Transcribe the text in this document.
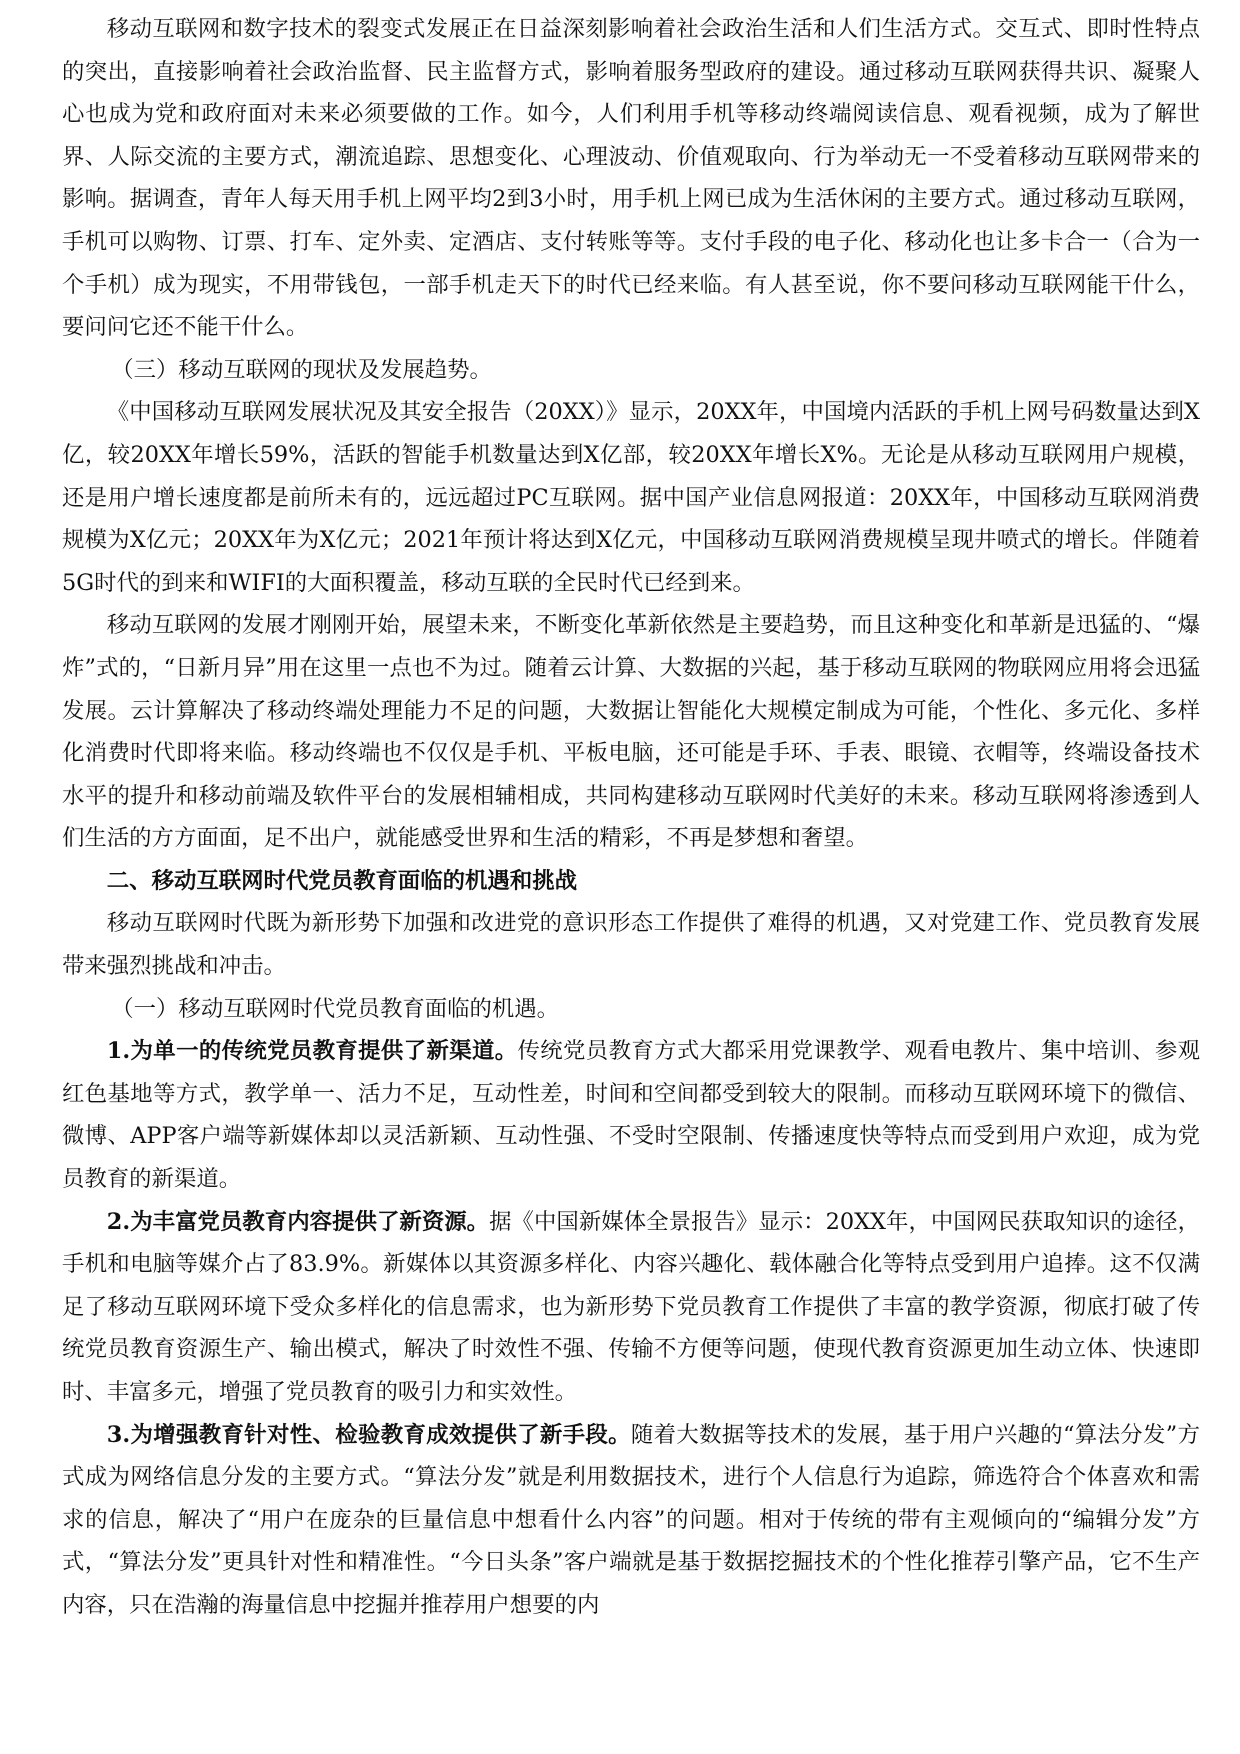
移动互联网和数字技术的裂变式发展正在日益深刻影响着社会政治生活和人们生活方式。交互式、即时性特点的突出，直接影响着社会政治监督、民主监督方式，影响着服务型政府的建设。通过移动互联网获得共识、凝聚人心也成为党和政府面对未来必须要做的工作。如今，人们利用手机等移动终端阅读信息、观看视频，成为了解世界、人际交流的主要方式，潮流追踪、思想变化、心理波动、价值观取向、行为举动无一不受着移动互联网带来的影响。据调查，青年人每天用手机上网平均2到3小时，用手机上网已成为生活休闲的主要方式。通过移动互联网，手机可以购物、订票、打车、定外卖、定酒店、支付转账等等。支付手段的电子化、移动化也让多卡合一（合为一个手机）成为现实，不用带钱包，一部手机走天下的时代已经来临。有人甚至说，你不要问移动互联网能干什么，要问问它还不能干什么。

（三）移动互联网的现状及发展趋势。

《中国移动互联网发展状况及其安全报告（20XX）》显示，20XX年，中国境内活跃的手机上网号码数量达到X亿，较20XX年增长59%，活跃的智能手机数量达到X亿部，较20XX年增长X%。无论是从移动互联网用户规模，还是用户增长速度都是前所未有的，远远超过PC互联网。据中国产业信息网报道：20XX年，中国移动互联网消费规模为X亿元；20XX年为X亿元；2021年预计将达到X亿元，中国移动互联网消费规模呈现井喷式的增长。伴随着5G时代的到来和WIFI的大面积覆盖，移动互联的全民时代已经到来。

移动互联网的发展才刚刚开始，展望未来，不断变化革新依然是主要趋势，而且这种变化和革新是迅猛的、“爆炸”式的，“日新月异”用在这里一点也不为过。随着云计算、大数据的兴起，基于移动互联网的物联网应用将会迅猛发展。云计算解决了移动终端处理能力不足的问题，大数据让智能化大规模定制成为可能，个性化、多元化、多样化消费时代即将来临。移动终端也不仅仅是手机、平板电脑，还可能是手环、手表、眼镜、衣帽等，终端设备技术水平的提升和移动前端及软件平台的发展相辅相成，共同构建移动互联网时代美好的未来。移动互联网将渗透到人们生活的方方面面，足不出户，就能感受世界和生活的精彩，不再是梦想和奢望。

二、移动互联网时代党员教育面临的机遇和挑战

移动互联网时代既为新形势下加强和改进党的意识形态工作提供了难得的机遇，又对党建工作、党员教育发展带来强烈挑战和冲击。

（一）移动互联网时代党员教育面临的机遇。

1.为单一的传统党员教育提供了新渠道。传统党员教育方式大都采用党课教学、观看电教片、集中培训、参观红色基地等方式，教学单一、活力不足，互动性差，时间和空间都受到较大的限制。而移动互联网环境下的微信、微博、APP客户端等新媒体却以灵活新颖、互动性强、不受时空限制、传播速度快等特点而受到用户欢迎，成为党员教育的新渠道。

2.为丰富党员教育内容提供了新资源。据《中国新媒体全景报告》显示：20XX年，中国网民获取知识的途径，手机和电脑等媒介占了83.9%。新媒体以其资源多样化、内容兴趣化、载体融合化等特点受到用户追捧。这不仅满足了移动互联网环境下受众多样化的信息需求，也为新形势下党员教育工作提供了丰富的教学资源，彻底打破了传统党员教育资源生产、输出模式，解决了时效性不强、传输不方便等问题，使现代教育资源更加生动立体、快速即时、丰富多元，增强了党员教育的吸引力和实效性。

3.为增强教育针对性、检验教育成效提供了新手段。随着大数据等技术的发展，基于用户兴趣的“算法分发”方式成为网络信息分发的主要方式。“算法分发”就是利用数据技术，进行个人信息行为追踪，筛选符合个体喜欢和需求的信息，解决了“用户在庞杂的巨量信息中想看什么内容”的问题。相对于传统的带有主观倾向的“编辑分发”方式，“算法分发”更具针对性和精准性。“今日头条”客户端就是基于数据挖掘技术的个性化推荐引擎产品，它不生产内容，只在浩瀚的海量信息中挖掘并推荐用户想要的内
